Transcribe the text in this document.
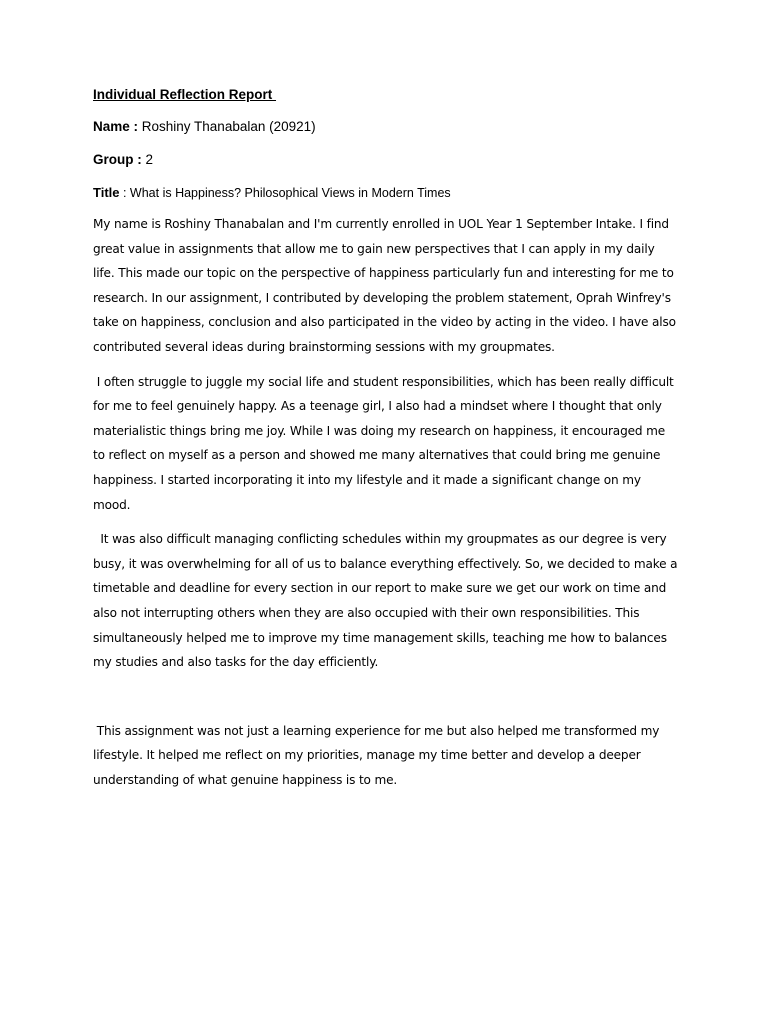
Individual Reflection Report

Name : Roshiny Thanabalan (20921)

Group : 2

Title : What is Happiness? Philosophical Views in Modern Times

My name is Roshiny Thanabalan and I'm currently enrolled in UOL Year 1 September Intake. I find great value in assignments that allow me to gain new perspectives that I can apply in my daily life. This made our topic on the perspective of happiness particularly fun and interesting for me to research. In our assignment, I contributed by developing the problem statement, Oprah Winfrey's take on happiness, conclusion and also participated in the video by acting in the video. I have also contributed several ideas during brainstorming sessions with my groupmates.

I often struggle to juggle my social life and student responsibilities, which has been really difficult for me to feel genuinely happy. As a teenage girl, I also had a mindset where I thought that only materialistic things bring me joy. While I was doing my research on happiness, it encouraged me to reflect on myself as a person and showed me many alternatives that could bring me genuine happiness. I started incorporating it into my lifestyle and it made a significant change on my mood.

It was also difficult managing conflicting schedules within my groupmates as our degree is very busy, it was overwhelming for all of us to balance everything effectively. So, we decided to make a timetable and deadline for every section in our report to make sure we get our work on time and also not interrupting others when they are also occupied with their own responsibilities. This simultaneously helped me to improve my time management skills, teaching me how to balances my studies and also tasks for the day efficiently.

This assignment was not just a learning experience for me but also helped me transformed my lifestyle. It helped me reflect on my priorities, manage my time better and develop a deeper understanding of what genuine happiness is to me.
